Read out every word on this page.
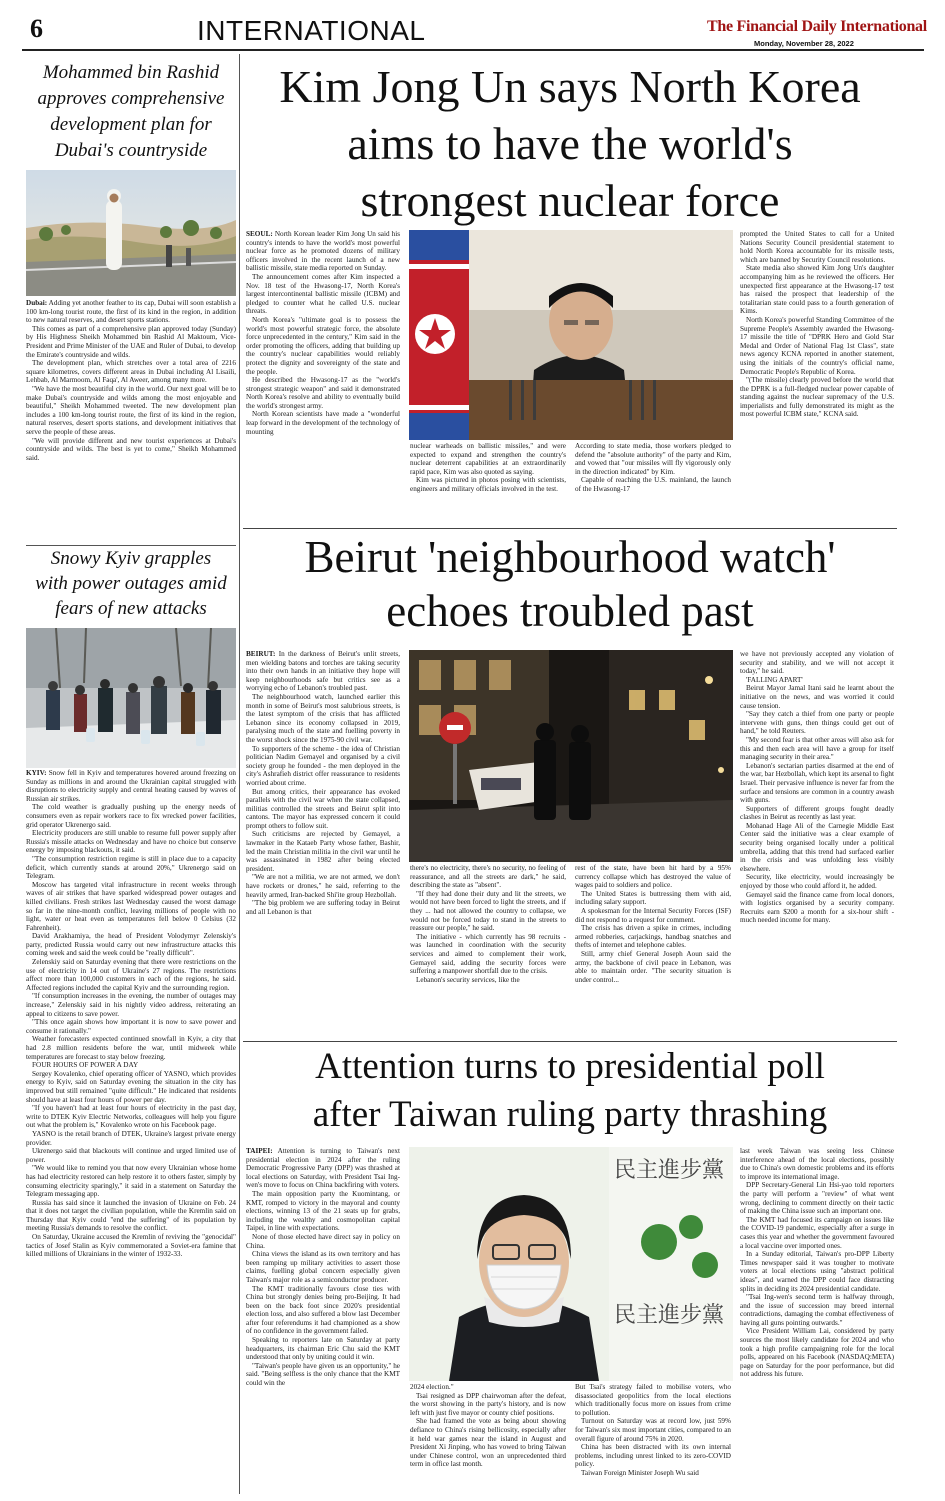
6	INTERNATIONAL	The Financial Daily International
Monday, November 28, 2022
Mohammed bin Rashid
approves comprehensive
development plan for
Dubai's countryside

Dubai: Adding yet another feather to its cap, Dubai will soon establish a 100 km-long tourist route, the first of its kind in the region, in addition to new natural reserves, and desert sports stations.

This comes as part of a comprehensive plan approved today (Sunday) by His Highness Sheikh Mohammed bin Rashid Al Maktoum, Vice-President and Prime Minister of the UAE and Ruler of Dubai, to develop the Emirate's countryside and wilds.

The development plan, which stretches over a total area of 2216 square kilometres, covers different areas in Dubai including Al Lisaili, Lehbab, Al Marmoom, Al Faqa', Al Aweer, among many more.

"We have the most beautiful city in the world. Our next goal will be to make Dubai's countryside and wilds among the most enjoyable and beautiful," Sheikh Mohammed tweeted. The new development plan includes a 100 km-long tourist route, the first of its kind in the region, natural reserves, desert sports stations, and development initiatives that serve the people of these areas.

"We will provide different and new tourist experiences at Dubai's countryside and wilds. The best is yet to come," Sheikh Mohammed said.

Snowy Kyiv grapples
with power outages amid
fears of new attacks

KYIV: Snow fell in Kyiv and temperatures hovered around freezing on Sunday as millions in and around the Ukrainian capital struggled with disruptions to electricity supply and central heating caused by waves of Russian air strikes.

The cold weather is gradually pushing up the energy needs of consumers even as repair workers race to fix wrecked power facilities, grid operator Ukrenergo said.

Electricity producers are still unable to resume full power supply after Russia's missile attacks on Wednesday and have no choice but conserve energy by imposing blackouts, it said.

"The consumption restriction regime is still in place due to a capacity deficit, which currently stands at around 20%," Ukrenergo said on Telegram.

Moscow has targeted vital infrastructure in recent weeks through waves of air strikes that have sparked widespread power outages and killed civilians. Fresh strikes last Wednesday caused the worst damage so far in the nine-month conflict, leaving millions of people with no light, water or heat even as temperatures fell below 0 Celsius (32 Fahrenheit).

David Arakhamiya, the head of President Volodymyr Zelenskiy's party, predicted Russia would carry out new infrastructure attacks this coming week and said the week could be "really difficult".

Zelenskiy said on Saturday evening that there were restrictions on the use of electricity in 14 out of Ukraine's 27 regions. The restrictions affect more than 100,000 customers in each of the regions, he said. Affected regions included the capital Kyiv and the surrounding region.

"If consumption increases in the evening, the number of outages may increase," Zelenskiy said in his nightly video address, reiterating an appeal to citizens to save power.

"This once again shows how important it is now to save power and consume it rationally."

Weather forecasters expected continued snowfall in Kyiv, a city that had 2.8 million residents before the war, until midweek while temperatures are forecast to stay below freezing.

FOUR HOURS OF POWER A DAY

Sergey Kovalenko, chief operating officer of YASNO, which provides energy to Kyiv, said on Saturday evening the situation in the city has improved but still remained "quite difficult." He indicated that residents should have at least four hours of power per day.

"If you haven't had at least four hours of electricity in the past day, write to DTEK Kyiv Electric Networks, colleagues will help you figure out what the problem is," Kovalenko wrote on his Facebook page.

YASNO is the retail branch of DTEK, Ukraine's largest private energy provider.

Ukrenergo said that blackouts will continue and urged limited use of power.

"We would like to remind you that now every Ukrainian whose home has had electricity restored can help restore it to others faster, simply by consuming electricity sparingly," it said in a statement on Saturday the Telegram messaging app.

Russia has said since it launched the invasion of Ukraine on Feb. 24 that it does not target the civilian population, while the Kremlin said on Thursday that Kyiv could "end the suffering" of its population by meeting Russia's demands to resolve the conflict.

On Saturday, Ukraine accused the Kremlin of reviving the "genocidal" tactics of Josef Stalin as Kyiv commemorated a Soviet-era famine that killed millions of Ukrainians in the winter of 1932-33.

Kim Jong Un says North Korea
aims to have the world's
strongest nuclear force

SEOUL: North Korean leader Kim Jong Un said his country's intends to have the world's most powerful nuclear force as he promoted dozens of military officers involved in the recent launch of a new ballistic missile, state media reported on Sunday.

The announcement comes after Kim inspected a Nov. 18 test of the Hwasong-17, North Korea's largest intercontinental ballistic missile (ICBM) and pledged to counter what he called U.S. nuclear threats.

North Korea's "ultimate goal is to possess the world's most powerful strategic force, the absolute force unprecedented in the century," Kim said in the order promoting the officers, adding that building up the country's nuclear capabilities would reliably protect the dignity and sovereignty of the state and the people.

He described the Hwasong-17 as the "world's strongest strategic weapon" and said it demonstrated North Korea's resolve and ability to eventually build the world's strongest army.

North Korean scientists have made a "wonderful leap forward in the development of the technology of mounting

nuclear warheads on ballistic missiles," and were expected to expand and strengthen the country's nuclear deterrent capabilities at an extraordinarily rapid pace, Kim was also quoted as saying.

Kim was pictured in photos posing with scientists, engineers and military officials involved in the test.

According to state media, those workers pledged to defend the "absolute authority" of the party and Kim, and vowed that "our missiles will fly vigorously only in the direction indicated" by Kim.

Capable of reaching the U.S. mainland, the launch of the Hwasong-17

prompted the United States to call for a United Nations Security Council presidential statement to hold North Korea accountable for its missile tests, which are banned by Security Council resolutions.

State media also showed Kim Jong Un's daughter accompanying him as he reviewed the officers. Her unexpected first appearance at the Hwasong-17 test has raised the prospect that leadership of the totalitarian state could pass to a fourth generation of Kims.

North Korea's powerful Standing Committee of the Supreme People's Assembly awarded the Hwasong-17 missile the title of "DPRK Hero and Gold Star Medal and Order of National Flag 1st Class", state news agency KCNA reported in another statement, using the initials of the country's official name, Democratic People's Republic of Korea.

"(The missile) clearly proved before the world that the DPRK is a full-fledged nuclear power capable of standing against the nuclear supremacy of the U.S. imperialists and fully demonstrated its might as the most powerful ICBM state," KCNA said.

Beirut 'neighbourhood watch'
echoes troubled past

BEIRUT: In the darkness of Beirut's unlit streets, men wielding batons and torches are taking security into their own hands in an initiative they hope will keep neighbourhoods safe but critics see as a worrying echo of Lebanon's troubled past.

The neighbourhood watch, launched earlier this month in some of Beirut's most salubrious streets, is the latest symptom of the crisis that has afflicted Lebanon since its economy collapsed in 2019, paralysing much of the state and fuelling poverty in the worst shock since the 1975-90 civil war.

To supporters of the scheme - the idea of Christian politician Nadim Gemayel and organised by a civil society group he founded - the men deployed in the city's Ashrafieh district offer reassurance to residents worried about crime.

But among critics, their appearance has evoked parallels with the civil war when the state collapsed, militias controlled the streets and Beirut split into cantons. The mayor has expressed concern it could prompt others to follow suit.

Such criticisms are rejected by Gemayel, a lawmaker in the Kataeb Party whose father, Bashir, led the main Christian militia in the civil war until he was assassinated in 1982 after being elected president.

"We are not a militia, we are not armed, we don't have rockets or drones," he said, referring to the heavily armed, Iran-backed Shi'ite group Hezbollah.

"The big problem we are suffering today in Beirut and all Lebanon is that

there's no electricity, there's no security, no feeling of reassurance, and all the streets are dark," he said, describing the state as "absent".

"If they had done their duty and lit the streets, we would not have been forced to light the streets, and if they ... had not allowed the country to collapse, we would not be forced today to stand in the streets to reassure our people," he said.

The initiative - which currently has 98 recruits - was launched in coordination with the security services and aimed to complement their work, Gemayel said, adding the security forces were suffering a manpower shortfall due to the crisis.

Lebanon's security services, like the

rest of the state, have been hit hard by a 95% currency collapse which has destroyed the value of wages paid to soldiers and police.

The United States is buttressing them with aid, including salary support.

A spokesman for the Internal Security Forces (ISF) did not respond to a request for comment.

The crisis has driven a spike in crimes, including armed robberies, carjackings, handbag snatches and thefts of internet and telephone cables.

Still, army chief General Joseph Aoun said the army, the backbone of civil peace in Lebanon, was able to maintain order. "The security situation is under control...

we have not previously accepted any violation of security and stability, and we will not accept it today," he said.

'FALLING APART'

Beirut Mayor Jamal Itani said he learnt about the initiative on the news, and was worried it could cause tension.

"Say they catch a thief from one party or people intervene with guns, then things could get out of hand," he told Reuters.

"My second fear is that other areas will also ask for this and then each area will have a group for itself managing security in their area."

Lebanon's sectarian parties disarmed at the end of the war, bar Hezbollah, which kept its arsenal to fight Israel. Their pervasive influence is never far from the surface and tensions are common in a country awash with guns.

Supporters of different groups fought deadly clashes in Beirut as recently as last year.

Mohanad Hage Ali of the Carnegie Middle East Center said the initiative was a clear example of security being organised locally under a political umbrella, adding that this trend had surfaced earlier in the crisis and was unfolding less visibly elsewhere.

Security, like electricity, would increasingly be enjoyed by those who could afford it, he added.

Gemayel said the finance came from local donors, with logistics organised by a security company. Recruits earn $200 a month for a six-hour shift - much needed income for many.

Attention turns to presidential poll
after Taiwan ruling party thrashing

TAIPEI: Attention is turning to Taiwan's next presidential election in 2024 after the ruling Democratic Progressive Party (DPP) was thrashed at local elections on Saturday, with President Tsai Ing-wen's move to focus on China backfiring with voters.

The main opposition party the Kuomintang, or KMT, romped to victory in the mayoral and county elections, winning 13 of the 21 seats up for grabs, including the wealthy and cosmopolitan capital Taipei, in line with expectations.

None of those elected have direct say in policy on China.

China views the island as its own territory and has been ramping up military activities to assert those claims, fuelling global concern especially given Taiwan's major role as a semiconductor producer.

The KMT traditionally favours close ties with China but strongly denies being pro-Beijing. It had been on the back foot since 2020's presidential election loss, and also suffered a blow last December after four referendums it had championed as a show of no confidence in the government failed.

Speaking to reporters late on Saturday at party headquarters, its chairman Eric Chu said the KMT understood that only by uniting could it win.

"Taiwan's people have given us an opportunity," he said. "Being selfless is the only chance that the KMT could win the

民主進步黨
民主進步黨

2024 election."

Tsai resigned as DPP chairwoman after the defeat, the worst showing in the party's history, and is now left with just five mayor or county chief positions.

She had framed the vote as being about showing defiance to China's rising bellicosity, especially after it held war games near the island in August and President Xi Jinping, who has vowed to bring Taiwan under Chinese control, won an unprecedented third term in office last month.

But Tsai's strategy failed to mobilise voters, who disassociated geopolitics from the local elections which traditionally focus more on issues from crime to pollution.

Turnout on Saturday was at record low, just 59% for Taiwan's six most important cities, compared to an overall figure of around 75% in 2020.

China has been distracted with its own internal problems, including unrest linked to its zero-COVID policy.

Taiwan Foreign Minister Joseph Wu said

last week Taiwan was seeing less Chinese interference ahead of the local elections, possibly due to China's own domestic problems and its efforts to improve its international image.

DPP Secretary-General Lin Hsi-yao told reporters the party will perform a "review" of what went wrong, declining to comment directly on their tactic of making the China issue such an important one.

The KMT had focused its campaign on issues like the COVID-19 pandemic, especially after a surge in cases this year and whether the government favoured a local vaccine over imported ones.

In a Sunday editorial, Taiwan's pro-DPP Liberty Times newspaper said it was tougher to motivate voters at local elections using "abstract political ideas", and warned the DPP could face distracting splits in deciding its 2024 presidential candidate.

"Tsai Ing-wen's second term is halfway through, and the issue of succession may breed internal contradictions, damaging the combat effectiveness of having all guns pointing outwards."

Vice President William Lai, considered by party sources the most likely candidate for 2024 and who took a high profile campaigning role for the local polls, appeared on his Facebook (NASDAQ:META) page on Saturday for the poor performance, but did not address his future.
